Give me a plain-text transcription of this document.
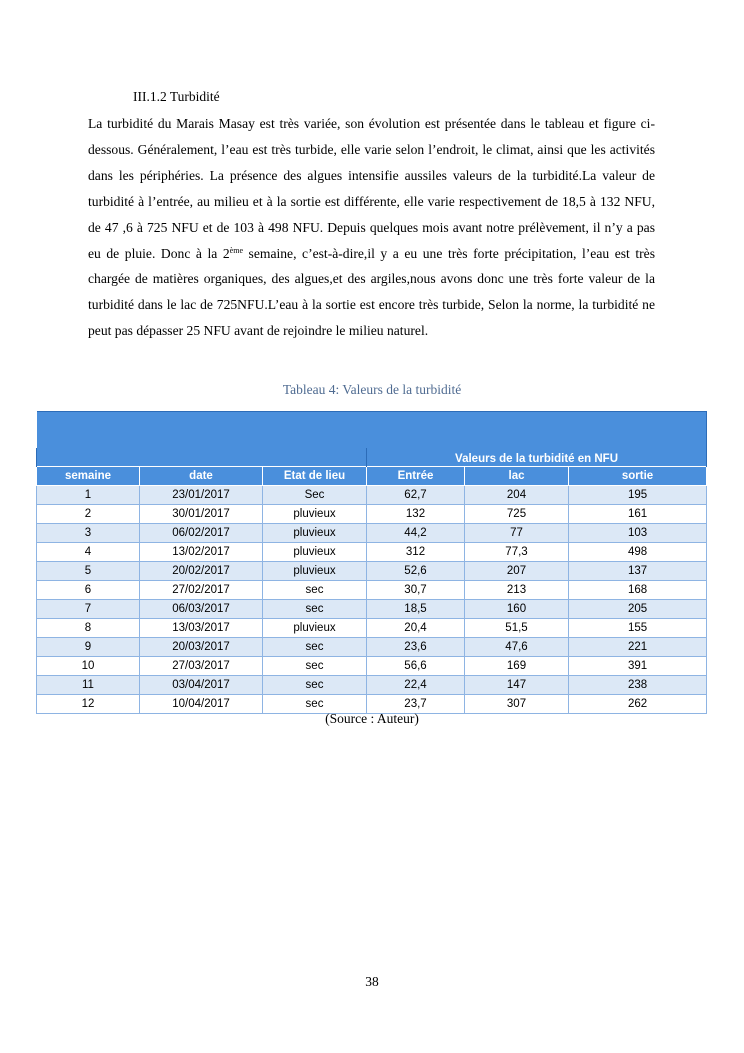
III.1.2 Turbidité

La turbidité du Marais Masay est très variée, son évolution est présentée dans le tableau et figure ci-dessous. Généralement, l’eau est très turbide, elle varie selon l’endroit, le climat, ainsi que les activités dans les périphéries. La présence des algues intensifie aussiles valeurs de la turbidité.La valeur de turbidité à l’entrée, au milieu et à la sortie est différente, elle varie respectivement de 18,5 à 132 NFU, de 47 ,6 à 725 NFU et de 103 à 498 NFU. Depuis quelques mois avant notre prélèvement, il n’y a pas eu de pluie. Donc à la 2ème semaine, c’est-à-dire,il y a eu une très forte précipitation, l’eau est très chargée de matières organiques, des algues,et des argiles,nous avons donc une très forte valeur de la turbidité dans le lac de 725NFU.L’eau à la sortie est encore très turbide, Selon la norme, la turbidité ne peut pas dépasser 25 NFU avant de rejoindre le milieu naturel.

Tableau 4: Valeurs de la turbidité

			Valeurs de la turbidité en NFU		
semaine	date	Etat de lieu	Entrée	lac	sortie
1	23/01/2017	Sec	62,7	204	195
2	30/01/2017	pluvieux	132	725	161
3	06/02/2017	pluvieux	44,2	77	103
4	13/02/2017	pluvieux	312	77,3	498
5	20/02/2017	pluvieux	52,6	207	137
6	27/02/2017	sec	30,7	213	168
7	06/03/2017	sec	18,5	160	205
8	13/03/2017	pluvieux	20,4	51,5	155
9	20/03/2017	sec	23,6	47,6	221
10	27/03/2017	sec	56,6	169	391
11	03/04/2017	sec	22,4	147	238
12	10/04/2017	sec	23,7	307	262
(Source : Auteur)
38
